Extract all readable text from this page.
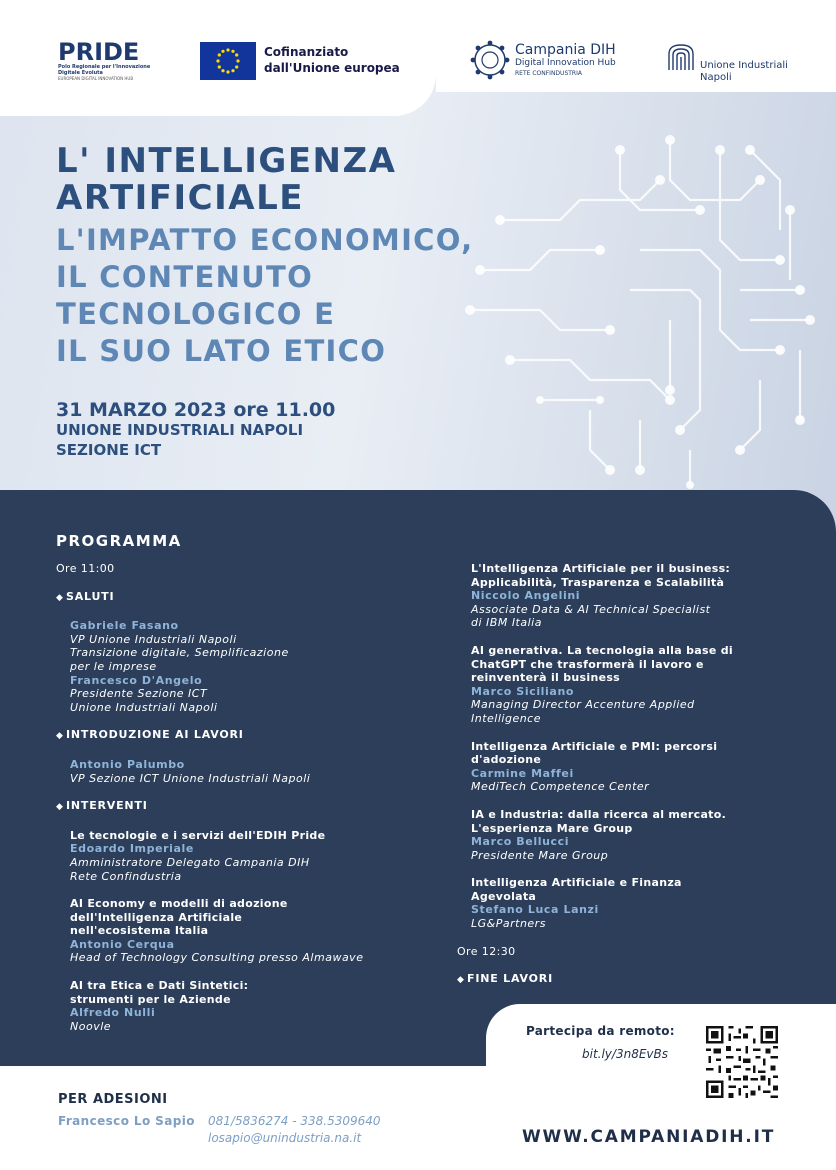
PRIDE
Polo Regionale per l'Innovazione
Digitale Evoluta
EUROPEAN DIGITAL INNOVATION HUB
Cofinanziato
dall'Unione europea
Campania DIH
Digital Innovation Hub
RETE CONFINDUSTRIA
Unione Industriali
Napoli
L' INTELLIGENZA
ARTIFICIALE
L'IMPATTO ECONOMICO,
IL CONTENUTO
TECNOLOGICO E
IL SUO LATO ETICO
31 MARZO 2023 ore 11.00
UNIONE INDUSTRIALI NAPOLI
SEZIONE ICT
PROGRAMMA
Ore 11:00
◆ SALUTI
Gabriele Fasano
VP Unione Industriali Napoli
Transizione digitale, Semplificazione
per le imprese
Francesco D'Angelo
Presidente Sezione ICT
Unione Industriali Napoli
◆ INTRODUZIONE AI LAVORI
Antonio Palumbo
VP Sezione ICT Unione Industriali Napoli
◆ INTERVENTI
Le tecnologie e i servizi dell'EDIH Pride
Edoardo Imperiale
Amministratore Delegato Campania DIH
Rete Confindustria
AI Economy e modelli di adozione
dell'Intelligenza Artificiale
nell'ecosistema Italia
Antonio Cerqua
Head of Technology Consulting presso Almawave
AI tra Etica e Dati Sintetici:
strumenti per le Aziende
Alfredo Nulli
Noovle
L'Intelligenza Artificiale per il business:
Applicabilità, Trasparenza e Scalabilità
Niccolo Angelini
Associate Data & AI Technical Specialist
di IBM Italia
AI generativa. La tecnologia alla base di
ChatGPT che trasformerà il lavoro e
reinventerà il business
Marco Siciliano
Managing Director Accenture Applied
Intelligence
Intelligenza Artificiale e PMI: percorsi
d'adozione
Carmine Maffei
MediTech Competence Center
IA e Industria: dalla ricerca al mercato.
L'esperienza Mare Group
Marco Bellucci
Presidente Mare Group
Intelligenza Artificiale e Finanza
Agevolata
Stefano Luca Lanzi
LG&Partners
Ore 12:30
◆ FINE LAVORI
Partecipa da remoto:
bit.ly/3n8EvBs
PER ADESIONI
Francesco Lo Sapio 081/5836274 - 338.5309640
losapio@unindustria.na.it	WWW.CAMPANIADIH.IT
